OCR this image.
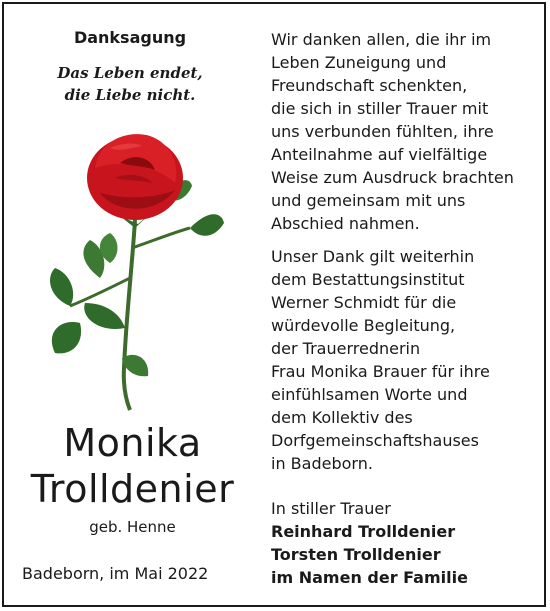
Danksagung
Das Leben endet,
die Liebe nicht.
Monika
Trolldenier
geb. Henne
Badeborn, im Mai 2022
Wir danken allen, die ihr im
Leben Zuneigung und
Freundschaft schenkten,
die sich in stiller Trauer mit
uns verbunden fühlten, ihre
Anteilnahme auf vielfältige
Weise zum Ausdruck brachten
und gemeinsam mit uns
Abschied nahmen.
Unser Dank gilt weiterhin
dem Bestattungsinstitut
Werner Schmidt für die
würdevolle Begleitung,
der Trauerrednerin
Frau Monika Brauer für ihre
einfühlsamen Worte und
dem Kollektiv des
Dorfgemeinschaftshauses
in Badeborn.
In stiller Trauer
Reinhard Trolldenier
Torsten Trolldenier
im Namen der Familie
